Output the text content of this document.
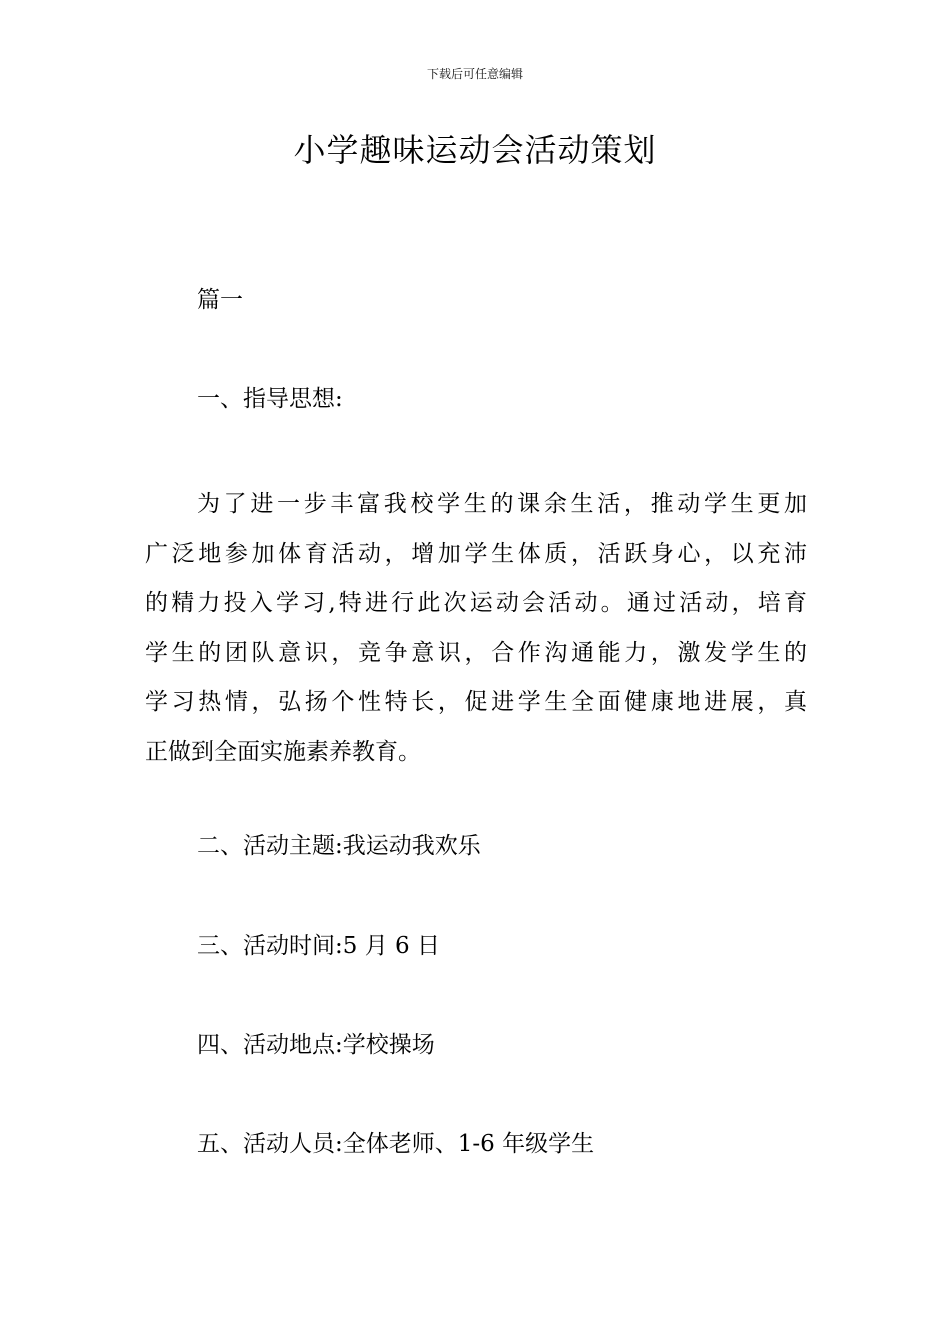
下载后可任意编辑
小学趣味运动会活动策划

篇一

一、指导思想:

为了进一步丰富我校学生的课余生活，推动学生更加
广泛地参加体育活动，增加学生体质，活跃身心，以充沛
的精力投入学习,特进行此次运动会活动。通过活动，培育
学生的团队意识，竞争意识，合作沟通能力，激发学生的
学习热情，弘扬个性特长，促进学生全面健康地进展，真
正做到全面实施素养教育。

二、活动主题:我运动我欢乐

三、活动时间:5 月 6 日

四、活动地点:学校操场

五、活动人员:全体老师、1-6 年级学生
